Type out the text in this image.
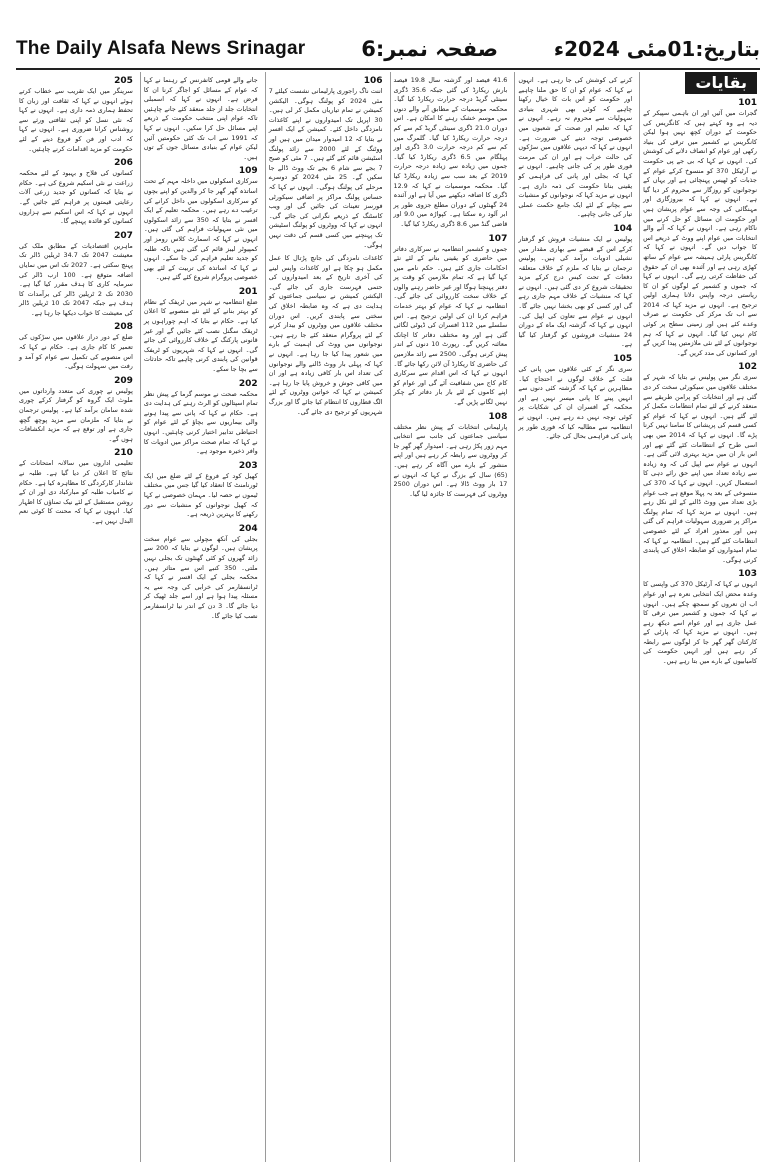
The Daily Alsafa News Srinagar	صفحہ نمبر:6	بتاریخ:01مئی 2024ء
بقایات
101

گجرات میں آئیں اور ان باہمی سپیکر کے دیہ ہے وہ کہتے ہیں کہ کانگریس کی حکومت کے دوران کچھ نہیں ہوا لیکن کانگریس نے کشمیر میں ترقی کی بنیاد رکھی اور عوام کو انصاف دلانے کی کوشش کی۔ انہوں نے کہا کہ بی جے پی حکومت نے آرٹیکل 370 کو منسوخ کرکے عوام کے جذبات کو ٹھیس پہنچائی ہے اور یہاں کے نوجوانوں کو روزگار سے محروم کر دیا گیا ہے۔ انہوں نے کہا کہ بیروزگاری اور مہنگائی کی وجہ سے عوام پریشان ہیں اور حکومت ان مسائل کو حل کرنے میں ناکام رہی ہے۔ انہوں نے کہا کہ آنے والے انتخابات میں عوام اپنے ووٹ کے ذریعے اس کا جواب دیں گے۔ انہوں نے کہا کہ کانگریس پارٹی ہمیشہ سے عوام کے ساتھ کھڑی رہی ہے اور آئندہ بھی ان کے حقوق کی حفاظت کرتی رہے گی۔ انہوں نے کہا کہ جموں و کشمیر کے لوگوں کو ان کا ریاستی درجہ واپس دلانا ہماری اولین ترجیح ہے۔ انہوں نے مزید کہا کہ 2014 سے اب تک مرکز کی حکومت نے صرف وعدے کئے ہیں اور زمینی سطح پر کوئی کام نہیں کیا گیا۔ انہوں نے کہا کہ ہم نوجوانوں کے لئے نئی ملازمتیں پیدا کریں گے اور کسانوں کی مدد کریں گے۔

102

سری نگر میں پولیس نے بتایا کہ شہر کے مختلف علاقوں میں سیکورٹی سخت کر دی گئی ہے اور انتخابات کو پرامن طریقے سے منعقد کرنے کے لئے تمام انتظامات مکمل کر لئے گئے ہیں۔ انہوں نے کہا کہ عوام کو کسی قسم کی پریشانی کا سامنا نہیں کرنا پڑے گا۔ انہوں نے کہا کہ 2014 میں بھی اسی طرح کے انتظامات کئے گئے تھے اور اس بار ان میں مزید بہتری لائی گئی ہے۔ انہوں نے عوام سے اپیل کی کہ وہ زیادہ سے زیادہ تعداد میں اپنے حق رائے دہی کا استعمال کریں۔ انہوں نے کہا کہ 370 کی منسوخی کے بعد یہ پہلا موقع ہے جب عوام بڑی تعداد میں ووٹ ڈالنے کے لئے نکل رہے ہیں۔ انہوں نے مزید کہا کہ تمام پولنگ مراکز پر ضروری سہولیات فراہم کی گئی ہیں اور معذور افراد کے لئے خصوصی انتظامات کئے گئے ہیں۔ انتظامیہ نے کہا کہ تمام امیدواروں کو ضابطہ اخلاق کی پابندی کرنی ہوگی۔

103

انہوں نے کہا کہ آرٹیکل 370 کی واپسی کا وعدہ محض ایک انتخابی نعرہ ہے اور عوام اب ان نعروں کو سمجھ چکے ہیں۔ انہوں نے کہا کہ جموں و کشمیر میں ترقی کا عمل جاری ہے اور عوام اسے دیکھ رہے ہیں۔ انہوں نے مزید کہا کہ پارٹی کے کارکنان گھر گھر جا کر لوگوں سے رابطہ کر رہے ہیں اور انہیں حکومت کی کامیابیوں کے بارے میں بتا رہے ہیں۔

کرنے کی کوشش کی جا رہی ہے۔ انہوں نے کہا کہ عوام کو ان کا حق ملنا چاہیے اور حکومت کو اس بات کا خیال رکھنا چاہیے کہ کوئی بھی شہری بنیادی سہولیات سے محروم نہ رہے۔ انہوں نے کہا کہ تعلیم اور صحت کے شعبوں میں خصوصی توجہ دینے کی ضرورت ہے۔ انہوں نے کہا کہ دیہی علاقوں میں سڑکوں کی حالت خراب ہے اور ان کی مرمت فوری طور پر کی جانی چاہیے۔ انہوں نے کہا کہ بجلی اور پانی کی فراہمی کو یقینی بنانا حکومت کی ذمہ داری ہے۔ انہوں نے مزید کہا کہ نوجوانوں کو منشیات سے بچانے کے لئے ایک جامع حکمت عملی تیار کی جانی چاہیے۔

104

پولیس نے ایک منشیات فروش کو گرفتار کرکے اس کے قبضے سے بھاری مقدار میں نشیلی ادویات برآمد کی ہیں۔ پولیس ترجمان نے بتایا کہ ملزم کے خلاف متعلقہ دفعات کے تحت کیس درج کرکے مزید تحقیقات شروع کر دی گئی ہیں۔ انہوں نے کہا کہ منشیات کے خلاف مہم جاری رہے گی اور کسی کو بھی بخشا نہیں جائے گا۔ انہوں نے عوام سے تعاون کی اپیل کی۔ انہوں نے کہا کہ گزشتہ ایک ماہ کے دوران 24 منشیات فروشوں کو گرفتار کیا گیا ہے۔

105

سری نگر کے کئی علاقوں میں پانی کی قلت کے خلاف لوگوں نے احتجاج کیا۔ مظاہرین نے کہا کہ گزشتہ کئی دنوں سے انہیں پینے کا پانی میسر نہیں ہے اور محکمہ کے افسران ان کی شکایات پر کوئی توجہ نہیں دے رہے ہیں۔ انہوں نے انتظامیہ سے مطالبہ کیا کہ فوری طور پر پانی کی فراہمی بحال کی جائے۔

41.6 فیصد اور گزشتہ سال 19.8 فیصد بارش ریکارڈ کی گئی جبکہ 35.6 ڈگری سینٹی گریڈ درجہ حرارت ریکارڈ کیا گیا۔ محکمہ موسمیات کے مطابق آنے والے دنوں میں موسم خشک رہنے کا امکان ہے۔ اس دوران 21.0 ڈگری سینٹی گریڈ کم سے کم درجہ حرارت ریکارڈ کیا گیا۔ گلمرگ میں کم سے کم درجہ حرارت 3.0 ڈگری اور پہلگام میں 6.5 ڈگری ریکارڈ کیا گیا۔ جموں میں زیادہ سے زیادہ درجہ حرارت 2019 کے بعد سب سے زیادہ ریکارڈ کیا گیا۔ محکمہ موسمیات نے کہا کہ 12.9 ڈگری کا اضافہ دیکھنے میں آیا ہے اور آئندہ 24 گھنٹوں کے دوران مطلع جزوی طور پر ابر آلود رہ سکتا ہے۔ کپواڑہ میں 9.0 اور قاضی گنڈ میں 8.6 ڈگری ریکارڈ کیا گیا۔

107

جموں و کشمیر انتظامیہ نے سرکاری دفاتر میں حاضری کو یقینی بنانے کے لئے نئے احکامات جاری کئے ہیں۔ حکم نامے میں کہا گیا ہے کہ تمام ملازمین کو وقت پر دفتر پہنچنا ہوگا اور غیر حاضر رہنے والوں کے خلاف سخت کارروائی کی جائے گی۔ انتظامیہ نے کہا کہ عوام کو بہتر خدمات فراہم کرنا ان کی اولین ترجیح ہے۔ اس سلسلے میں 112 افسران کی ڈیوٹی لگائی گئی ہے اور وہ مختلف دفاتر کا اچانک معائنہ کریں گے۔ رپورٹ 10 دنوں کے اندر پیش کرنی ہوگی۔ 2500 سے زائد ملازمین کی حاضری کا ریکارڈ آن لائن رکھا جائے گا۔ انہوں نے کہا کہ اس اقدام سے سرکاری کام کاج میں شفافیت آئے گی اور عوام کو اپنے کاموں کے لئے بار بار دفاتر کے چکر نہیں لگانے پڑیں گے۔

108

پارلیمانی انتخابات کے پیش نظر مختلف سیاسی جماعتوں کی جانب سے انتخابی مہم زور پکڑ رہی ہے۔ امیدوار گھر گھر جا کر ووٹروں سے رابطہ کر رہے ہیں اور اپنے منشور کے بارے میں آگاہ کر رہے ہیں۔ (65) سال کے بزرگ نے کہا کہ انہوں نے 17 بار ووٹ ڈالا ہے۔ اس دوران 2500 ووٹروں کی فہرست کا جائزہ لیا گیا۔

106

اننت ناگ راجوری پارلیمانی نشست کیلئے 7 مئی 2024 کو پولنگ ہوگی۔ الیکشن کمیشن نے تمام تیاریاں مکمل کر لی ہیں۔ 30 اپریل تک امیدواروں نے اپنے کاغذات نامزدگی داخل کئے۔ کمیشن کے ایک افسر نے بتایا کہ 12 امیدوار میدان میں ہیں اور ووٹنگ کے لئے 2000 سے زائد پولنگ اسٹیشن قائم کئے گئے ہیں۔ 7 مئی کو صبح 7 بجے سے شام 6 بجے تک ووٹ ڈالے جا سکیں گے۔ 25 مئی 2024 کو دوسرے مرحلے کی پولنگ ہوگی۔ انہوں نے کہا کہ حساس پولنگ مراکز پر اضافی سیکورٹی فورسز تعینات کی جائیں گی اور ویب کاسٹنگ کے ذریعے نگرانی کی جائے گی۔ انہوں نے کہا کہ ووٹروں کو پولنگ اسٹیشن تک پہنچنے میں کسی قسم کی دقت نہیں ہوگی۔

کاغذات نامزدگی کی جانچ پڑتال کا عمل مکمل ہو چکا ہے اور کاغذات واپس لینے کی آخری تاریخ کے بعد امیدواروں کی حتمی فہرست جاری کی جائے گی۔ الیکشن کمیشن نے سیاسی جماعتوں کو ہدایت دی ہے کہ وہ ضابطہ اخلاق کی سختی سے پابندی کریں۔ اس دوران مختلف علاقوں میں ووٹروں کو بیدار کرنے کے لئے پروگرام منعقد کئے جا رہے ہیں۔ نوجوانوں میں ووٹ کی اہمیت کے بارے میں شعور پیدا کیا جا رہا ہے۔ انہوں نے کہا کہ پہلی بار ووٹ ڈالنے والے نوجوانوں کی تعداد اس بار کافی زیادہ ہے اور ان میں کافی جوش و خروش پایا جا رہا ہے۔ کمیشن نے کہا کہ خواتین ووٹروں کے لئے الگ قطاروں کا انتظام کیا جائے گا اور بزرگ شہریوں کو ترجیح دی جائے گی۔

جانے والے قومی کانفرنس کے رہنما نے کہا کہ عوام کے مسائل کو اجاگر کرنا ان کا فرض ہے۔ انہوں نے کہا کہ اسمبلی انتخابات جلد از جلد منعقد کئے جانے چاہئیں تاکہ عوام اپنی منتخب حکومت کے ذریعے اپنے مسائل حل کرا سکیں۔ انہوں نے کہا کہ 1991 سے اب تک کئی حکومتیں آئیں لیکن عوام کے بنیادی مسائل جوں کے توں ہیں۔

109

سرکاری اسکولوں میں داخلہ مہم کے تحت اساتذہ گھر گھر جا کر والدین کو اپنے بچوں کو سرکاری اسکولوں میں داخل کرانے کی ترغیب دے رہے ہیں۔ محکمہ تعلیم کے ایک افسر نے بتایا کہ 350 سے زائد اسکولوں میں نئی سہولیات فراہم کی گئی ہیں۔ انہوں نے کہا کہ اسمارٹ کلاس رومز اور کمپیوٹر لیبز قائم کی گئی ہیں تاکہ طلبہ کو جدید تعلیم فراہم کی جا سکے۔ انہوں نے کہا کہ اساتذہ کی تربیت کے لئے بھی خصوصی پروگرام شروع کئے گئے ہیں۔

201

ضلع انتظامیہ نے شہر میں ٹریفک کے نظام کو بہتر بنانے کے لئے نئے منصوبے کا اعلان کیا ہے۔ حکام نے بتایا کہ اہم چوراہوں پر ٹریفک سگنل نصب کئے جائیں گے اور غیر قانونی پارکنگ کے خلاف کارروائی کی جائے گی۔ انہوں نے کہا کہ شہریوں کو ٹریفک قوانین کی پابندی کرنی چاہیے تاکہ حادثات سے بچا جا سکے۔

202

محکمہ صحت نے موسم گرما کے پیش نظر تمام اسپتالوں کو الرٹ رہنے کی ہدایت دی ہے۔ حکام نے کہا کہ پانی سے پیدا ہونے والی بیماریوں سے بچاؤ کے لئے عوام کو احتیاطی تدابیر اختیار کرنی چاہئیں۔ انہوں نے کہا کہ تمام صحت مراکز میں ادویات کا وافر ذخیرہ موجود ہے۔

203

کھیل کود کے فروغ کے لئے ضلع میں ایک ٹورنامنٹ کا انعقاد کیا گیا جس میں مختلف ٹیموں نے حصہ لیا۔ مہمان خصوصی نے کہا کہ کھیل نوجوانوں کو منشیات سے دور رکھنے کا بہترین ذریعہ ہے۔

204

بجلی کی آنکھ مچولی سے عوام سخت پریشان ہیں۔ لوگوں نے بتایا کہ 200 سے زائد گھروں کو کئی گھنٹوں تک بجلی نہیں ملتی۔ 350 کنبے اس سے متاثر ہیں۔ محکمہ بجلی کے ایک افسر نے کہا کہ ٹرانسفارمر کی خرابی کی وجہ سے یہ مسئلہ پیدا ہوا ہے اور اسے جلد ٹھیک کر دیا جائے گا۔ 3 دن کے اندر نیا ٹرانسفارمر نصب کیا جائے گا۔

205

سرینگر میں ایک تقریب سے خطاب کرتے ہوئے انہوں نے کہا کہ ثقافت اور زبان کا تحفظ ہماری ذمہ داری ہے۔ انہوں نے کہا کہ نئی نسل کو اپنی ثقافتی ورثے سے روشناس کرانا ضروری ہے۔ انہوں نے کہا کہ ادب اور فن کو فروغ دینے کے لئے حکومت کو مزید اقدامات کرنے چاہئیں۔

206

کسانوں کی فلاح و بہبود کے لئے محکمہ زراعت نے نئی اسکیم شروع کی ہے۔ حکام نے بتایا کہ کسانوں کو جدید زرعی آلات رعایتی قیمتوں پر فراہم کئے جائیں گے۔ انہوں نے کہا کہ اس اسکیم سے ہزاروں کسانوں کو فائدہ پہنچے گا۔

207

ماہرین اقتصادیات کے مطابق ملک کی معیشت 2047 تک 34.7 ٹریلین ڈالر تک پہنچ سکتی ہے۔ 2027 تک اس میں نمایاں اضافہ متوقع ہے۔ 100 ارب ڈالر کی سرمایہ کاری کا ہدف مقرر کیا گیا ہے۔ 2030 تک 2 ٹریلین ڈالر کی برآمدات کا ہدف ہے جبکہ 2047 تک 10 ٹریلین ڈالر کی معیشت کا خواب دیکھا جا رہا ہے۔

208

ضلع کے دور دراز علاقوں میں سڑکوں کی تعمیر کا کام جاری ہے۔ حکام نے کہا کہ اس منصوبے کی تکمیل سے عوام کو آمد و رفت میں سہولت ہوگی۔

209

پولیس نے چوری کی متعدد وارداتوں میں ملوث ایک گروہ کو گرفتار کرکے چوری شدہ سامان برآمد کیا ہے۔ پولیس ترجمان نے بتایا کہ ملزمان سے مزید پوچھ گچھ جاری ہے اور توقع ہے کہ مزید انکشافات ہوں گے۔

210

تعلیمی اداروں میں سالانہ امتحانات کے نتائج کا اعلان کر دیا گیا ہے۔ طلبہ نے شاندار کارکردگی کا مظاہرہ کیا ہے۔ حکام نے کامیاب طلبہ کو مبارکباد دی اور ان کے روشن مستقبل کے لئے نیک تمناؤں کا اظہار کیا۔ انہوں نے کہا کہ محنت کا کوئی نعم البدل نہیں ہے۔
